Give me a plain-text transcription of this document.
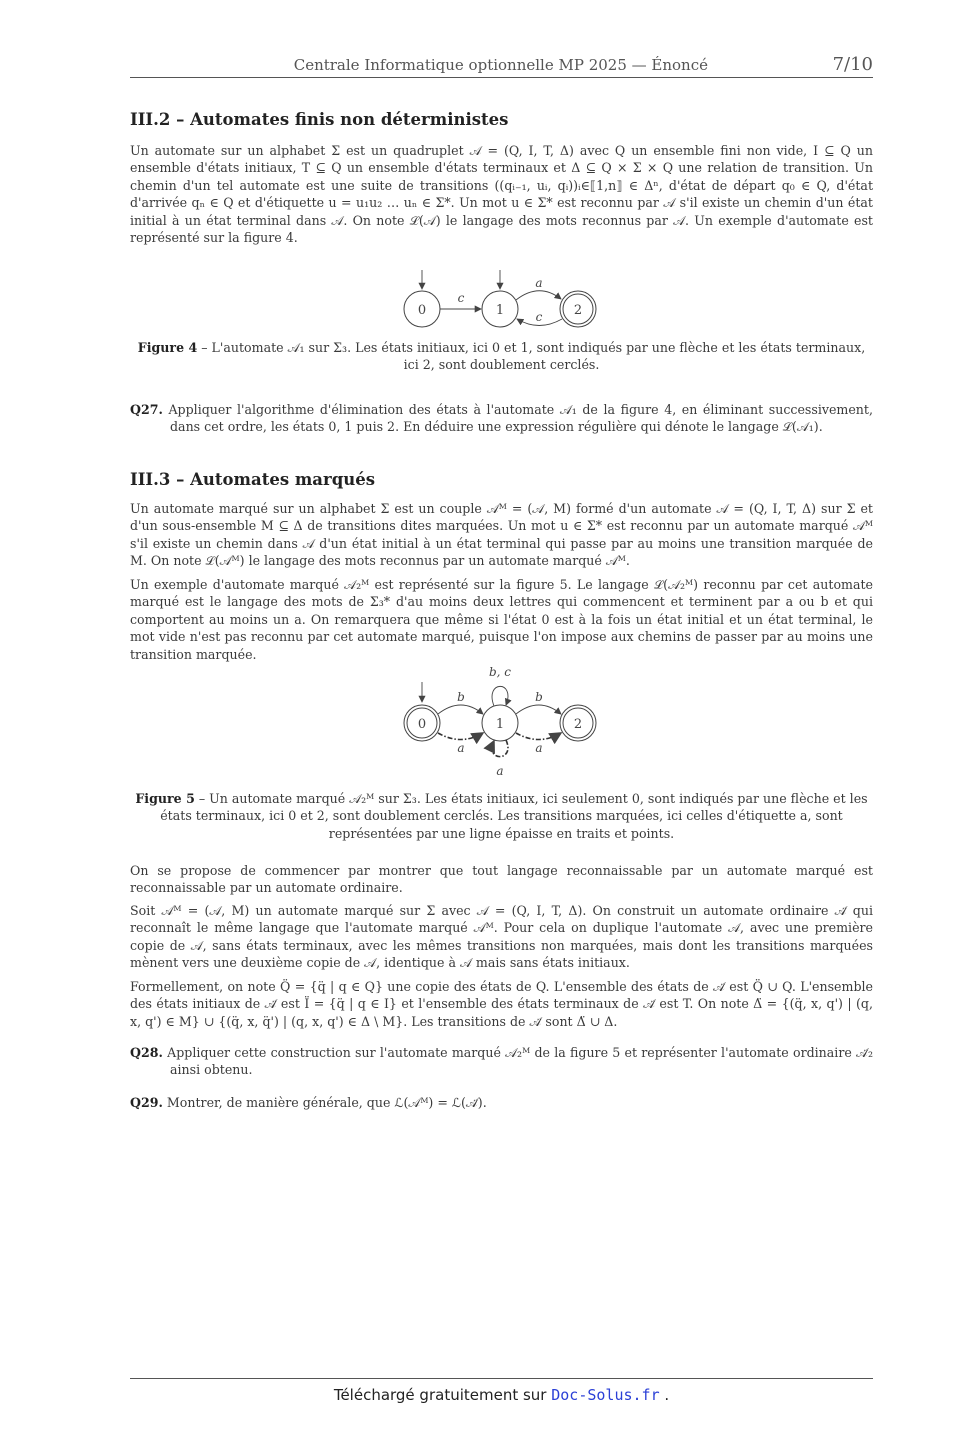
Centrale Informatique optionnelle MP 2025 — Énoncé	7/10
III.2 – Automates finis non déterministes
Un automate sur un alphabet Σ est un quadruplet 𝒜 = (Q, I, T, Δ) avec Q un ensemble fini non vide, I ⊆ Q un ensemble d'états initiaux, T ⊆ Q un ensemble d'états terminaux et Δ ⊆ Q × Σ × Q une relation de transition. Un chemin d'un tel automate est une suite de transitions ((qᵢ₋₁, uᵢ, qᵢ))ᵢ∈⟦1,n⟧ ∈ Δⁿ, d'état de départ q₀ ∈ Q, d'état d'arrivée qₙ ∈ Q et d'étiquette u = u₁u₂ … uₙ ∈ Σ*. Un mot u ∈ Σ* est reconnu par 𝒜 s'il existe un chemin d'un état initial à un état terminal dans 𝒜. On note ℒ(𝒜) le langage des mots reconnus par 𝒜. Un exemple d'automate est représenté sur la figure 4.
0	1	2
c
a
c
Figure 4 – L'automate 𝒜₁ sur Σ₃. Les états initiaux, ici 0 et 1, sont indiqués par une flèche et les états terminaux, ici 2, sont doublement cerclés.
Q27. Appliquer l'algorithme d'élimination des états à l'automate 𝒜₁ de la figure 4, en éliminant successivement, dans cet ordre, les états 0, 1 puis 2. En déduire une expression régulière qui dénote le langage ℒ(𝒜₁).
III.3 – Automates marqués
Un automate marqué sur un alphabet Σ est un couple 𝒜ᴹ = (𝒜, M) formé d'un automate 𝒜 = (Q, I, T, Δ) sur Σ et d'un sous-ensemble M ⊆ Δ de transitions dites marquées. Un mot u ∈ Σ* est reconnu par un automate marqué 𝒜ᴹ s'il existe un chemin dans 𝒜 d'un état initial à un état terminal qui passe par au moins une transition marquée de M. On note ℒ(𝒜ᴹ) le langage des mots reconnus par un automate marqué 𝒜ᴹ.
Un exemple d'automate marqué 𝒜₂ᴹ est représenté sur la figure 5. Le langage ℒ(𝒜₂ᴹ) reconnu par cet automate marqué est le langage des mots de Σ₃* d'au moins deux lettres qui commencent et terminent par a ou b et qui comportent au moins un a. On remarquera que même si l'état 0 est à la fois un état initial et un état terminal, le mot vide n'est pas reconnu par cet automate marqué, puisque l'on impose aux chemins de passer par au moins une transition marquée.
0	1	2
b, c
b	b
a	a
a
Figure 5 – Un automate marqué 𝒜₂ᴹ sur Σ₃. Les états initiaux, ici seulement 0, sont indiqués par une flèche et les états terminaux, ici 0 et 2, sont doublement cerclés. Les transitions marquées, ici celles d'étiquette a, sont représentées par une ligne épaisse en traits et points.
On se propose de commencer par montrer que tout langage reconnaissable par un automate marqué est reconnaissable par un automate ordinaire.
Soit 𝒜ᴹ = (𝒜, M) un automate marqué sur Σ avec 𝒜 = (Q, I, T, Δ). On construit un automate ordinaire 𝒜̈ qui reconnaît le même langage que l'automate marqué 𝒜ᴹ. Pour cela on duplique l'automate 𝒜, avec une première copie de 𝒜, sans états terminaux, avec les mêmes transitions non marquées, mais dont les transitions marquées mènent vers une deuxième copie de 𝒜, identique à 𝒜 mais sans états initiaux.
Formellement, on note Q̈ = {q̈ | q ∈ Q} une copie des états de Q. L'ensemble des états de 𝒜̈ est Q̈ ∪ Q. L'ensemble des états initiaux de 𝒜̈ est Ï = {q̈ | q ∈ I} et l'ensemble des états terminaux de 𝒜̈ est T. On note Δ̈ = {(q̈, x, q') | (q, x, q') ∈ M} ∪ {(q̈, x, q̈') | (q, x, q') ∈ Δ \ M}. Les transitions de 𝒜̈ sont Δ̈ ∪ Δ.
Q28. Appliquer cette construction sur l'automate marqué 𝒜₂ᴹ de la figure 5 et représenter l'automate ordinaire 𝒜̈₂ ainsi obtenu.
Q29. Montrer, de manière générale, que ℒ(𝒜ᴹ) = ℒ(𝒜̈).
Téléchargé gratuitement sur Doc-Solus.fr .
